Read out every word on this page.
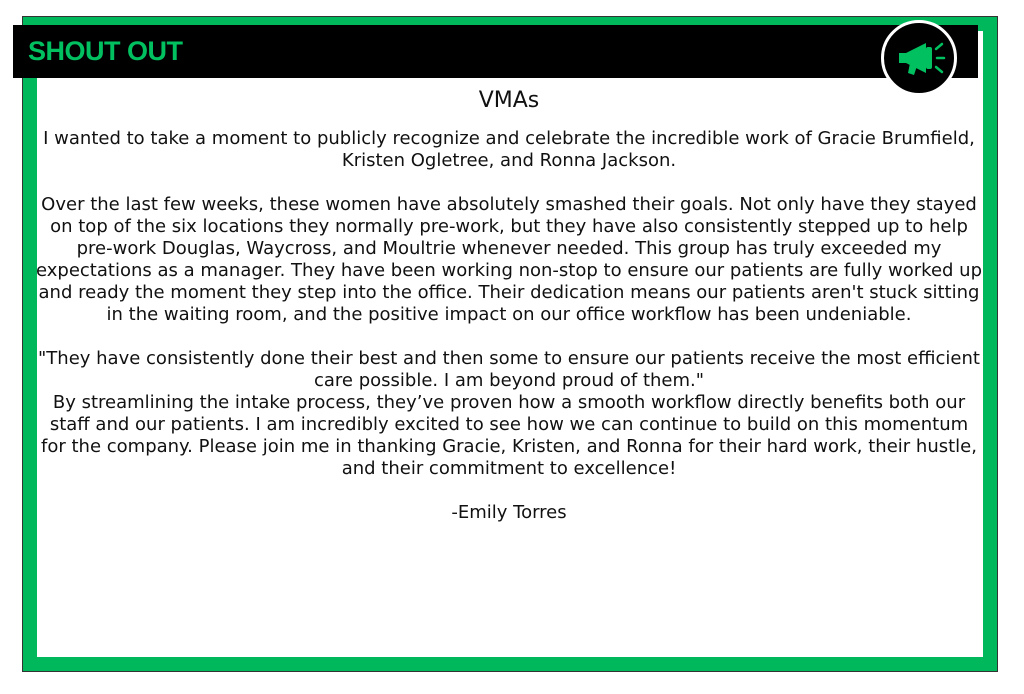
SHOUT OUT
VMAs

I wanted to take a moment to publicly recognize and celebrate the incredible work of Gracie Brumfield, Kristen Ogletree, and Ronna Jackson.

Over the last few weeks, these women have absolutely smashed their goals. Not only have they stayed on top of the six locations they normally pre-work, but they have also consistently stepped up to help pre-work Douglas, Waycross, and Moultrie whenever needed. This group has truly exceeded my expectations as a manager. They have been working non-stop to ensure our patients are fully worked up and ready the moment they step into the office. Their dedication means our patients aren't stuck sitting in the waiting room, and the positive impact on our office workflow has been undeniable.

"They have consistently done their best and then some to ensure our patients receive the most efficient care possible. I am beyond proud of them."

By streamlining the intake process, they’ve proven how a smooth workflow directly benefits both our staff and our patients. I am incredibly excited to see how we can continue to build on this momentum for the company. Please join me in thanking Gracie, Kristen, and Ronna for their hard work, their hustle, and their commitment to excellence!

-Emily Torres
